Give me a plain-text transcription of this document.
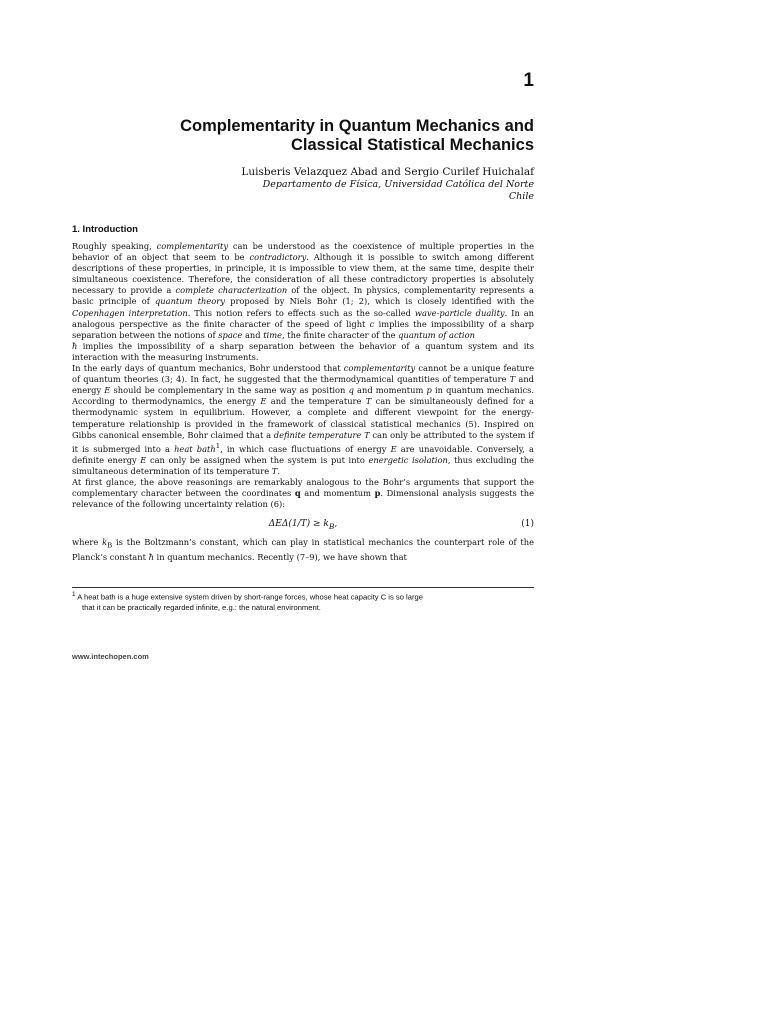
1
Complementarity in Quantum Mechanics and
Classical Statistical Mechanics
Luisberis Velazquez Abad and Sergio Curilef Huichalaf
Departamento de Física, Universidad Católica del Norte
Chile
1. Introduction

Roughly speaking, complementarity can be understood as the coexistence of multiple properties in the behavior of an object that seem to be contradictory. Although it is possible to switch among different descriptions of these properties, in principle, it is impossible to view them, at the same time, despite their simultaneous coexistence. Therefore, the consideration of all these contradictory properties is absolutely necessary to provide a complete characterization of the object. In physics, complementarity represents a basic principle of quantum theory proposed by Niels Bohr (1; 2), which is closely identified with the Copenhagen interpretation. This notion refers to effects such as the so-called wave-particle duality. In an analogous perspective as the finite character of the speed of light c implies the impossibility of a sharp separation between the notions of space and time, the finite character of the quantum of action
ħ implies the impossibility of a sharp separation between the behavior of a quantum system and its interaction with the measuring instruments.

In the early days of quantum mechanics, Bohr understood that complementarity cannot be a unique feature of quantum theories (3; 4). In fact, he suggested that the thermodynamical quantities of temperature T and energy E should be complementary in the same way as position q and momentum p in quantum mechanics. According to thermodynamics, the energy E and the temperature T can be simultaneously defined for a thermodynamic system in equilibrium. However, a complete and different viewpoint for the energy-temperature relationship is provided in the framework of classical statistical mechanics (5). Inspired on Gibbs canonical ensemble, Bohr claimed that a definite temperature T can only be attributed to the system if it is submerged into a heat bath$^1$, in which case fluctuations of energy E are unavoidable. Conversely, a definite energy E can only be assigned when the system is put into energetic isolation, thus excluding the simultaneous determination of its temperature T.

At first glance, the above reasonings are remarkably analogous to the Bohr’s arguments that support the complementary character between the coordinates q and momentum p. Dimensional analysis suggests the relevance of the following uncertainty relation (6):

$\Delta E\Delta(1/T) \ge k_B$,	(1)

where $k_B$ is the Boltzmann’s constant, which can play in statistical mechanics the counterpart role of the Planck’s constant ħ in quantum mechanics. Recently (7–9), we have shown that

$^1$ A heat bath is a huge extensive system driven by short-range forces, whose heat capacity C is so large
that it can be practically regarded infinite, e.g.: the natural environment.
www.intechopen.com
